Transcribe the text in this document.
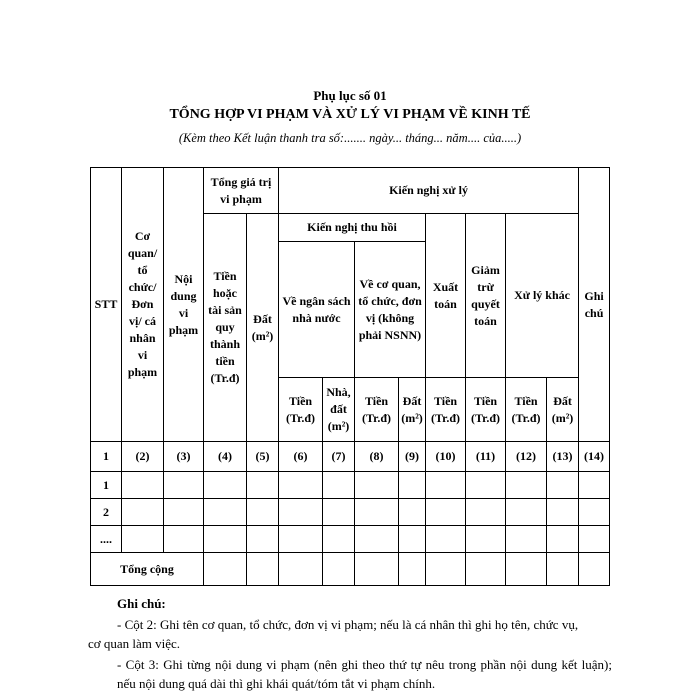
Phụ lục số 01
TỔNG HỢP VI PHẠM VÀ XỬ LÝ VI PHẠM VỀ KINH TẾ
(Kèm theo Kết luận thanh tra số:....... ngày... tháng... năm.... của.....)
STT	Cơ quan/ tổ chức/ Đơn vị/ cá nhân vi phạm	Nội dung vi phạm	Tổng giá trị vi phạm		Kiến nghị xử lý								Ghi chú
			Tiền hoặc tài sản quy thành tiền (Tr.đ)	Đất (m²)	Kiến nghị thu hồi				Xuất toán	Giảm trừ quyết toán	Xử lý khác		
					Về ngân sách nhà nước		Về cơ quan, tổ chức, đơn vị (không phải NSNN)						
					Tiền (Tr.đ)	Nhà, đất (m²)	Tiền (Tr.đ)	Đất (m²)	Tiền (Tr.đ)	Tiền (Tr.đ)	Tiền (Tr.đ)	Đất (m²)	
1	(2)	(3)	(4)	(5)	(6)	(7)	(8)	(9)	(10)	(11)	(12)	(13)	(14)
1													
2													
....													
Tổng cộng													
Ghi chú:

- Cột 2: Ghi tên cơ quan, tổ chức, đơn vị vi phạm; nếu là cá nhân thì ghi họ tên, chức vụ,

cơ quan làm việc.

- Cột 3: Ghi từng nội dung vi phạm (nên ghi theo thứ tự nêu trong phần nội dung kết luận); nếu nội dung quá dài thì ghi khái quát/tóm tắt vi phạm chính.
